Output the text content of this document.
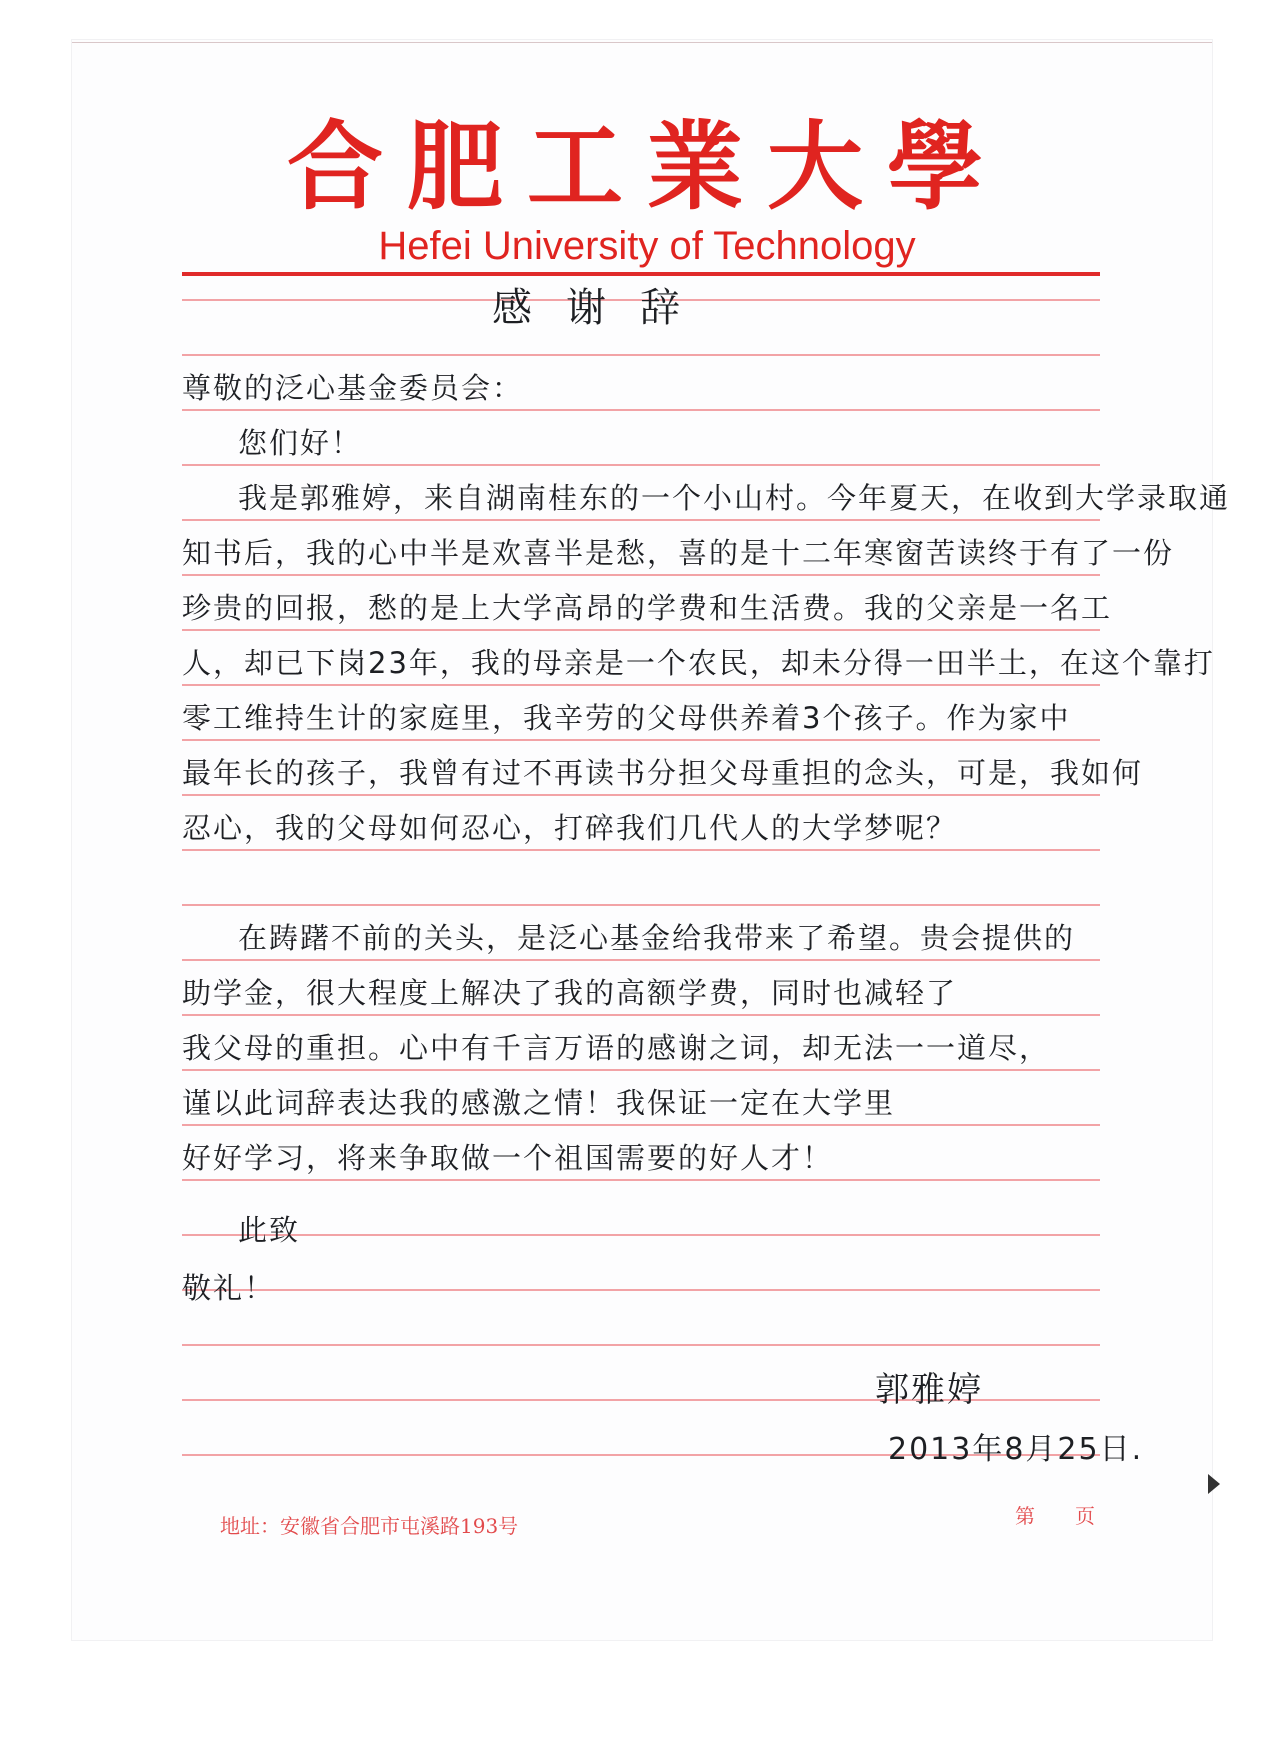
合肥工業大學
Hefei University of Technology
感谢辞
尊敬的泛心基金委员会：
您们好！
我是郭雅婷，来自湖南桂东的一个小山村。今年夏天，在收到大学录取通
知书后，我的心中半是欢喜半是愁，喜的是十二年寒窗苦读终于有了一份
珍贵的回报，愁的是上大学高昂的学费和生活费。我的父亲是一名工
人，却已下岗23年，我的母亲是一个农民，却未分得一田半土，在这个靠打
零工维持生计的家庭里，我辛劳的父母供养着3个孩子。作为家中
最年长的孩子，我曾有过不再读书分担父母重担的念头，可是，我如何
忍心，我的父母如何忍心，打碎我们几代人的大学梦呢？
在踌躇不前的关头，是泛心基金给我带来了希望。贵会提供的
助学金，很大程度上解决了我的高额学费，同时也减轻了
我父母的重担。心中有千言万语的感谢之词，却无法一一道尽，
谨以此词辞表达我的感激之情！我保证一定在大学里
好好学习，将来争取做一个祖国需要的好人才！
此致
敬礼！
郭雅婷
2013年8月25日.
地址：安徽省合肥市屯溪路193号	第　　页
